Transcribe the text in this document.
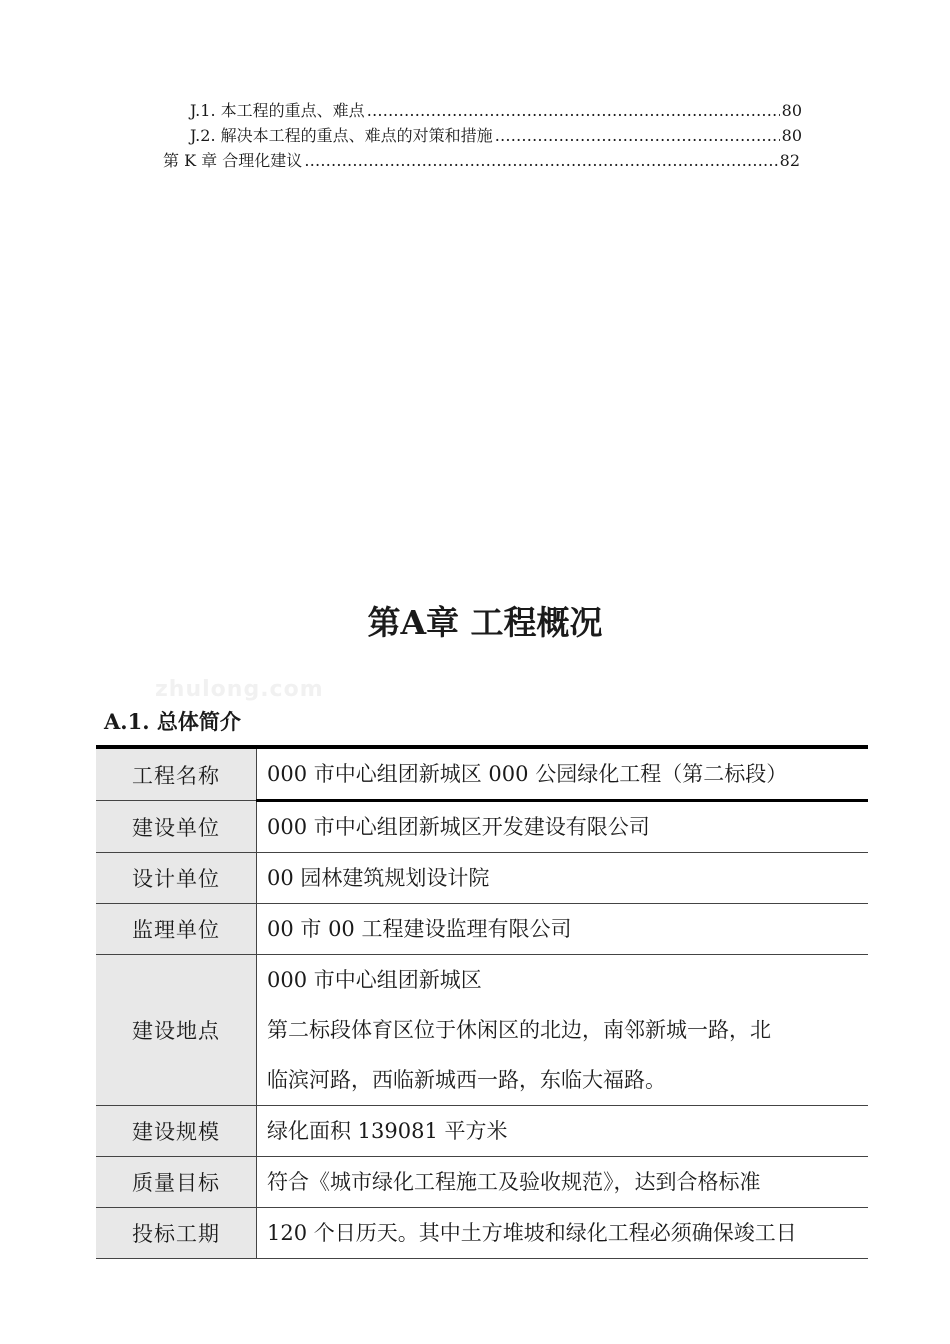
J.1. 本工程的重点、难点 ……………………………………………………………………………………………………………………………	80
J.2. 解决本工程的重点、难点的对策和措施 ……………………………………………………………………………………………………………………………	80
第 K 章 合理化建议 ……………………………………………………………………………………………………………………………	82
第A章 工程概况
zhulong.com
A.1. 总体简介
工程名称	000 市中心组团新城区 000 公园绿化工程（第二标段）

建设单位	000 市中心组团新城区开发建设有限公司

设计单位	00 园林建筑规划设计院

监理单位	00 市 00 工程建设监理有限公司

建设地点	000 市中心组团新城区
第二标段体育区位于休闲区的北边，南邻新城一路，北
临滨河路，西临新城西一路，东临大福路。

建设规模	绿化面积 139081 平方米

质量目标	符合《城市绿化工程施工及验收规范》，达到合格标准

投标工期	120 个日历天。其中土方堆坡和绿化工程必须确保竣工日
